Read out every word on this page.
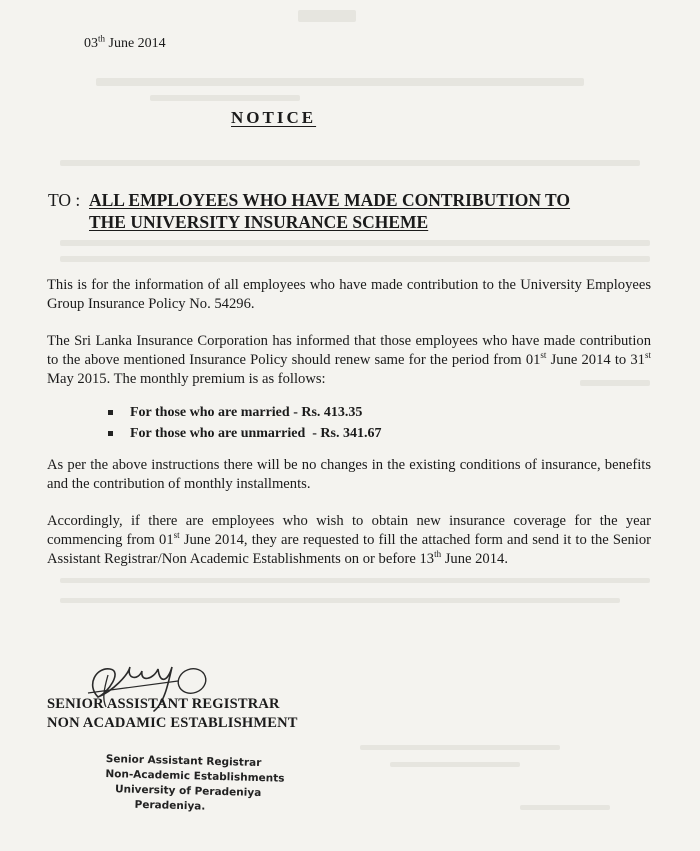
03th June 2014
NOTICE
TO : ALL EMPLOYEES WHO HAVE MADE CONTRIBUTION TO
THE UNIVERSITY INSURANCE SCHEME
This is for the information of all employees who have made contribution to the University Employees Group Insurance Policy No. 54296.
The Sri Lanka Insurance Corporation has informed that those employees who have made contribution to the above mentioned Insurance Policy should renew same for the period from 01st June 2014 to 31st May 2015. The monthly premium is as follows:
For those who are married - Rs. 413.35
For those who are unmarried - Rs. 341.67
As per the above instructions there will be no changes in the existing conditions of insurance, benefits and the contribution of monthly installments.
Accordingly, if there are employees who wish to obtain new insurance coverage for the year commencing from 01st June 2014, they are requested to fill the attached form and send it to the Senior Assistant Registrar/Non Academic Establishments on or before 13th June 2014.
SENIOR ASSISTANT REGISTRAR
NON ACADAMIC ESTABLISHMENT
Senior Assistant Registrar
Non-Academic Establishments
University of Peradeniya
Peradeniya.
